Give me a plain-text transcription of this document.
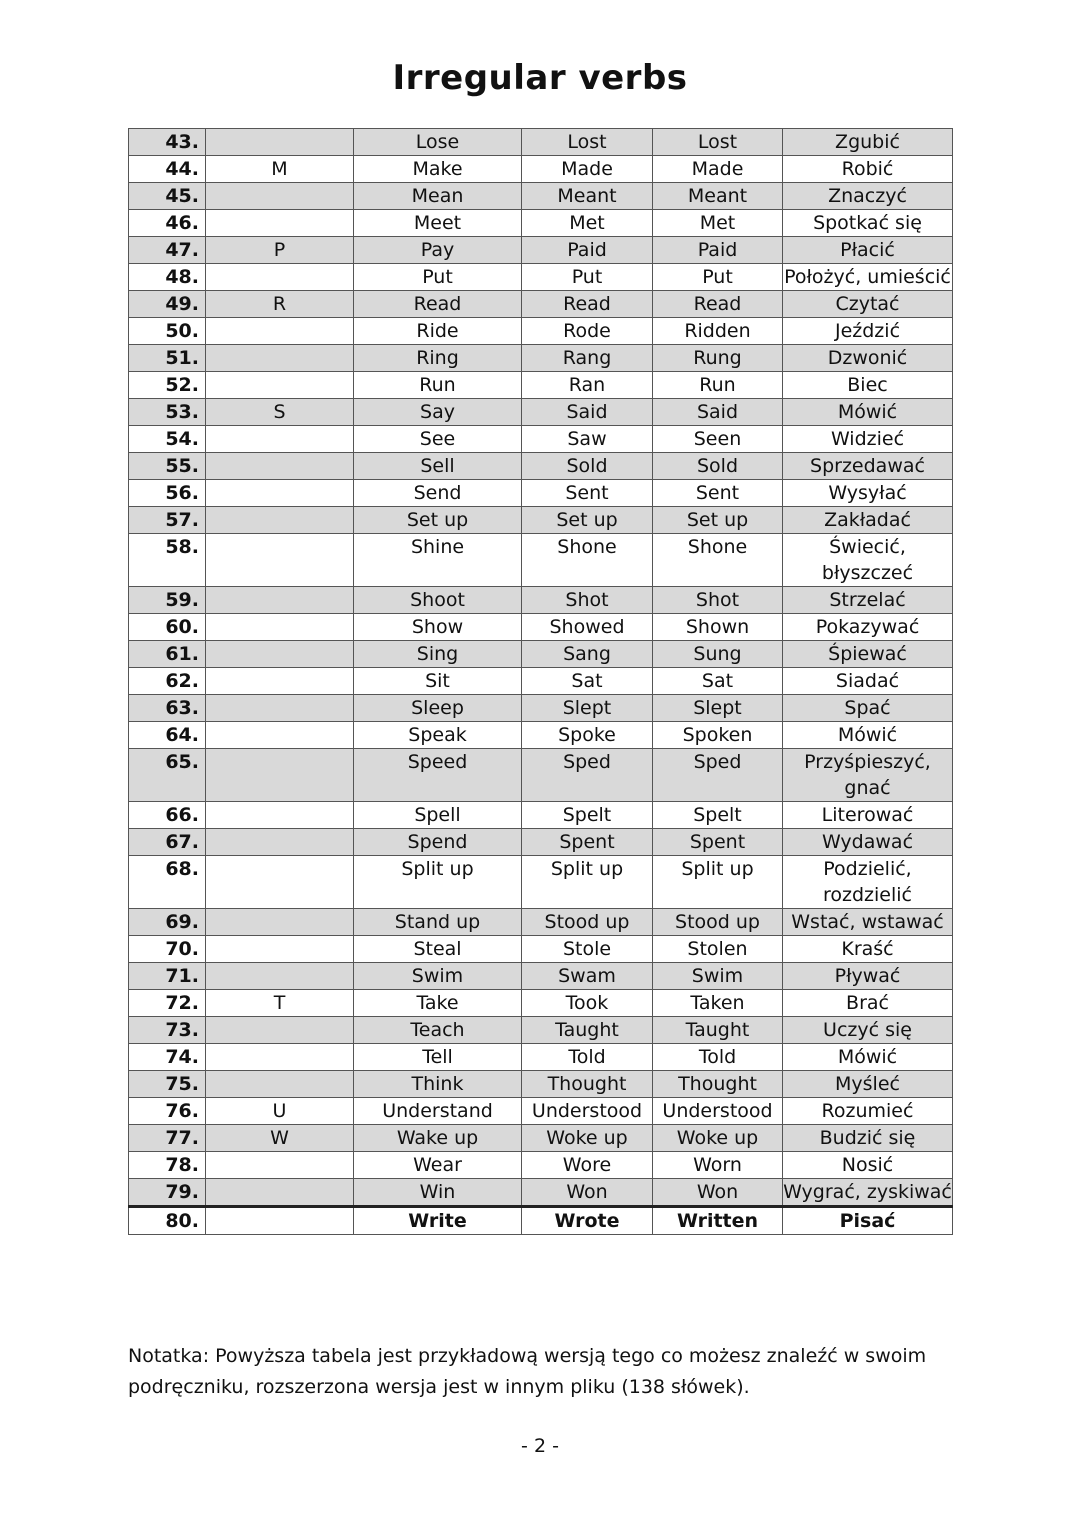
Irregular verbs
43.		Lose	Lost	Lost	Zgubić
44.	M	Make	Made	Made	Robić
45.		Mean	Meant	Meant	Znaczyć
46.		Meet	Met	Met	Spotkać się
47.	P	Pay	Paid	Paid	Płacić
48.		Put	Put	Put	Położyć, umieścić
49.	R	Read	Read	Read	Czytać
50.		Ride	Rode	Ridden	Jeździć
51.		Ring	Rang	Rung	Dzwonić
52.		Run	Ran	Run	Biec
53.	S	Say	Said	Said	Mówić
54.		See	Saw	Seen	Widzieć
55.		Sell	Sold	Sold	Sprzedawać
56.		Send	Sent	Sent	Wysyłać
57.		Set up	Set up	Set up	Zakładać
58.		Shine	Shone	Shone	Świecić, błyszczeć
59.		Shoot	Shot	Shot	Strzelać
60.		Show	Showed	Shown	Pokazywać
61.		Sing	Sang	Sung	Śpiewać
62.		Sit	Sat	Sat	Siadać
63.		Sleep	Slept	Slept	Spać
64.		Speak	Spoke	Spoken	Mówić
65.		Speed	Sped	Sped	Przyśpieszyć, gnać
66.		Spell	Spelt	Spelt	Literować
67.		Spend	Spent	Spent	Wydawać
68.		Split up	Split up	Split up	Podzielić, rozdzielić
69.		Stand up	Stood up	Stood up	Wstać, wstawać
70.		Steal	Stole	Stolen	Kraść
71.		Swim	Swam	Swim	Pływać
72.	T	Take	Took	Taken	Brać
73.		Teach	Taught	Taught	Uczyć się
74.		Tell	Told	Told	Mówić
75.		Think	Thought	Thought	Myśleć
76.	U	Understand	Understood	Understood	Rozumieć
77.	W	Wake up	Woke up	Woke up	Budzić się
78.		Wear	Wore	Worn	Nosić
79.		Win	Won	Won	Wygrać, zyskiwać
80.		Write	Wrote	Written	Pisać
Notatka: Powyższa tabela jest przykładową wersją tego co możesz znaleźć w swoim podręczniku, rozszerzona wersja jest w innym pliku (138 słówek).
- 2 -
